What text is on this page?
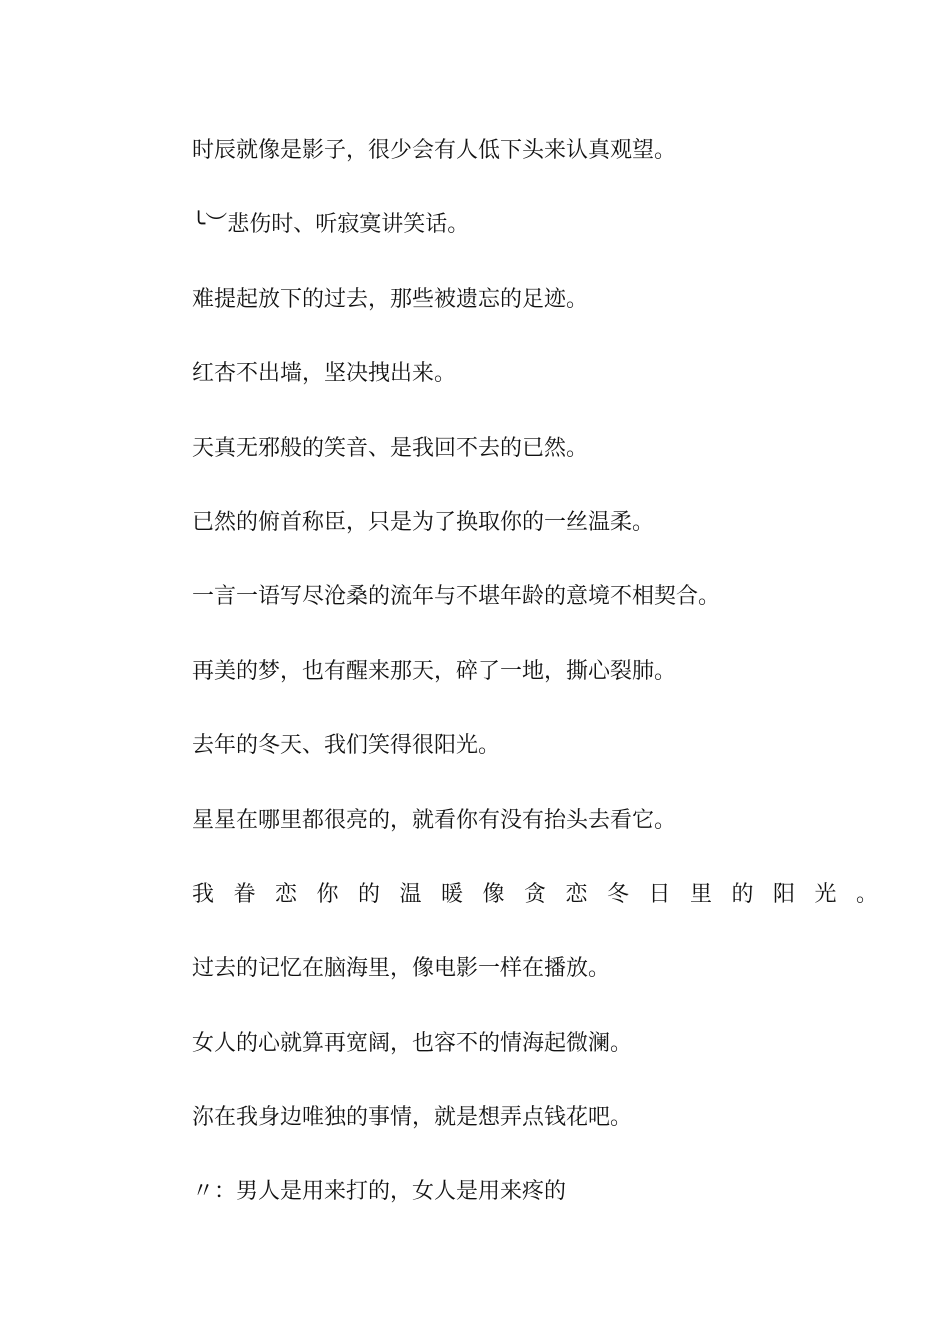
时辰就像是影子，很少会有人低下头来认真观望。
╰︶悲伤时、听寂寞讲笑话。
难提起放下的过去，那些被遗忘的足迹。
红杏不出墙，坚决拽出来。
天真无邪般的笑音、是我回不去的已然。
已然的俯首称臣，只是为了换取你的一丝温柔。
一言一语写尽沧桑的流年与不堪年龄的意境不相契合。
再美的梦，也有醒来那天，碎了一地，撕心裂肺。
去年的冬天、我们笑得很阳光。
星星在哪里都很亮的，就看你有没有抬头去看它。
我眷恋你的温暖像贪恋冬日里的阳光。
过去的记忆在脑海里，像电影一样在播放。
女人的心就算再宽阔，也容不的情海起微澜。
沵在我身边唯独的事情，就是想弄点钱花吧。
〃：男人是用来打的，女人是用来疼的
